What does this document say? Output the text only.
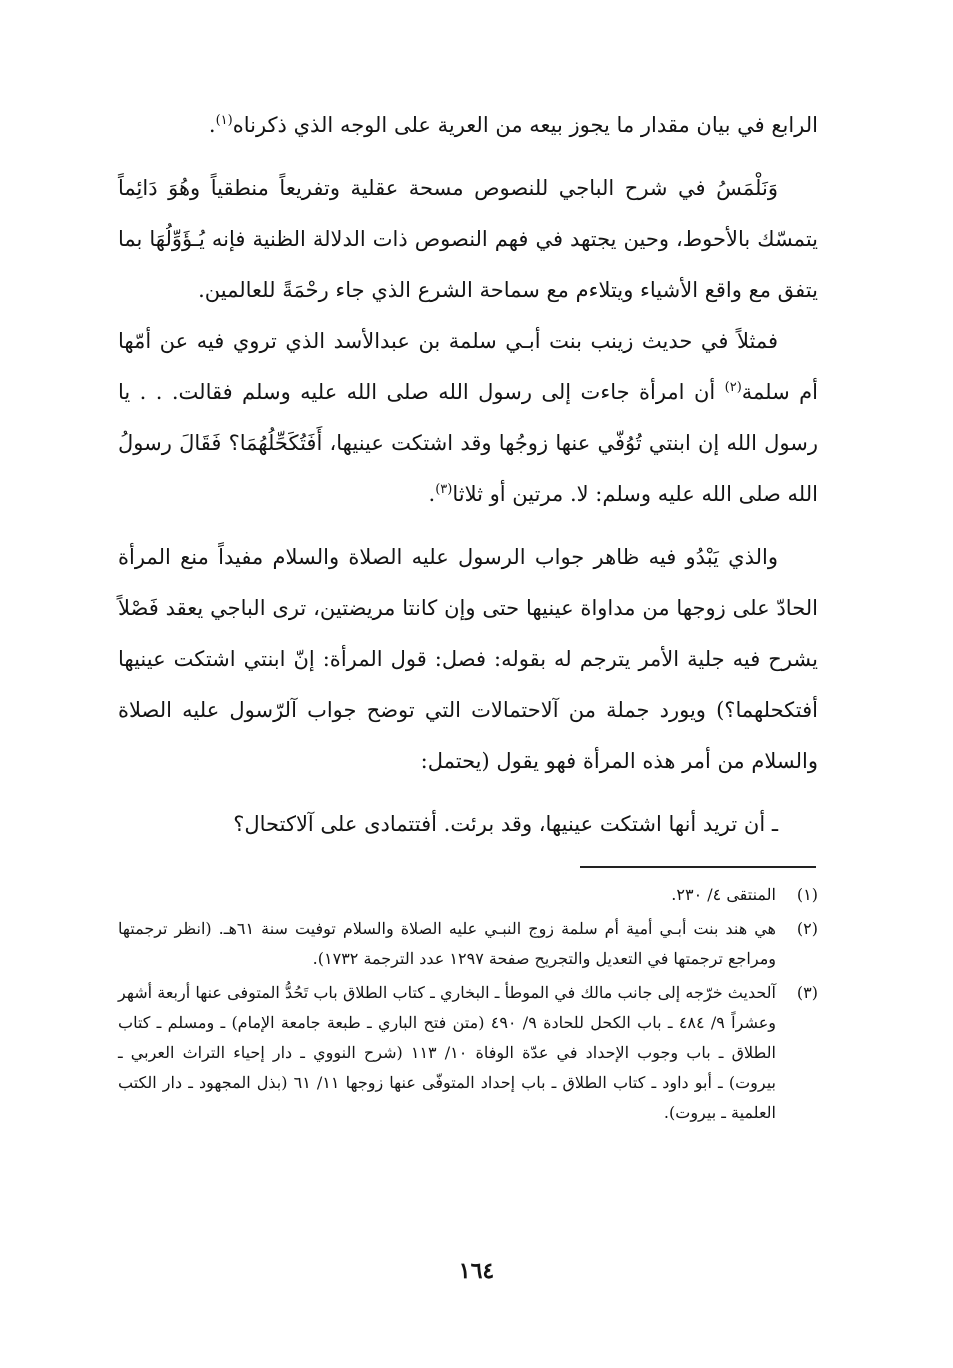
الرابع في بيان مقدار ما يجوز بيعه من العرية على الوجه الذي ذكرناه$^{(١)}$.

وَنَلْمَسُ في شرح الباجي للنصوص مسحة عقلية وتفريعاً منطقياً وهُوَ دَائِماً يتمسّك بالأحوط، وحين يجتهد في فهم النصوص ذات الدلالة الظنية فإنه يُـؤَوِّلُهَا بما يتفق مع واقع الأشياء ويتلاءم مع سماحة الشرع الذي جاء رحْمَةً للعالمين.

فمثلاً في حديث زينب بنت أبـي سلمة بن عبدالأسد الذي تروي فيه عن أمّها أم سلمة$^{(٢)}$ أن امرأة جاءت إلى رسول الله صلى الله عليه وسلم فقالت. . . يا رسول الله إن ابنتي تُوُفّي عنها زوجُها وقد اشتكت عينيها، أَفَتُكَحِّلُهُمَا؟ فَقَالَ رسولُ الله صلى الله عليه وسلم: لا. مرتين أو ثلاثا$^{(٣)}$.

والذي يَبْدُو فيه ظاهر جواب الرسول عليه الصلاة والسلام مفيداً منع المرأة الحادّ على زوجها من مداواة عينيها حتى وإن كانتا مريضتين، ترى الباجي يعقد فَصْلاً يشرح فيه جلية الأمر يترجم له بقوله: فصل: قول المرأة: إنّ ابنتي اشتكت عينيها أفتكحلهما؟) ويورد جملة من آلاحتمالات التي توضح جواب آلرّسول عليه الصلاة والسلام من أمر هذه المرأة فهو يقول (يحتمل:

ـ أن تريد أنها اشتكت عينيها، وقد برئت. أفتتمادى على آلاكتحال؟

(١)
المنتقى ٤/ ٢٣٠.
(٢)
هي هند بنت أبـي أمية أم سلمة زوج النبـي عليه الصلاة والسلام توفيت سنة ٦١هـ. (انظر ترجمتها ومراجع ترجمتها في التعديل والتجريح صفحة ١٢٩٧ عدد الترجمة ١٧٣٢).
(٣)
آلحديث خرّجه إلى جانب مالك في الموطأ ـ البخاري ـ كتاب الطلاق باب تَحُدُّ المتوفى عنها أربعة أشهر وعشراً ٩/ ٤٨٤ ـ باب الكحل للحادة ٩/ ٤٩٠ (متن فتح الباري ـ طبعة جامعة الإمام) ـ ومسلم ـ كتاب الطلاق ـ باب وجوب الإحداد في عدّة الوفاة ١٠/ ١١٣ (شرح النووي ـ دار إحياء التراث العربي ـ بيروت) ـ أبو داود ـ كتاب الطلاق ـ باب إحداد المتوفّى عنها زوجها ١١/ ٦١ (بذل المجهود ـ دار الكتب العلمية ـ بيروت).
١٦٤
